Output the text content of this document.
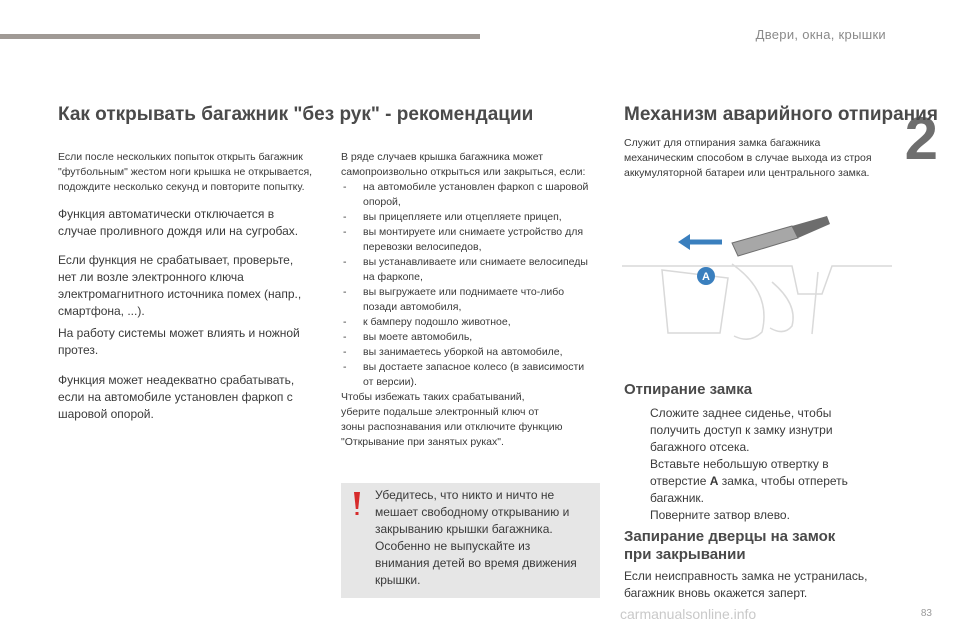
Двери, окна, крышки
2
83
Как открывать багажник "без рук" - рекомендации	Механизм аварийного отпирания
Если после нескольких попыток открыть багажник
"футбольным" жестом ноги крышка не открывается,
подождите несколько секунд и повторите попытку.
Функция автоматически отключается в
случае проливного дождя или на сугробах.
Если функция не срабатывает, проверьте,
нет ли возле электронного ключа
электромагнитного источника помех (напр.,
смартфона, ...).
На работу системы может влиять и ножной
протез.
Функция может неадекватно срабатывать,
если на автомобиле установлен фаркоп с
шаровой опорой.
В ряде случаев крышка багажника может
самопроизвольно открыться или закрыться, если:
- на автомобиле установлен фаркоп с шаровой
опорой,
- вы прицепляете или отцепляете прицеп,
- вы монтируете или снимаете устройство для
перевозки велосипедов,
- вы устанавливаете или снимаете велосипеды
на фаркопе,
- вы выгружаете или поднимаете что-либо
позади автомобиля,
- к бамперу подошло животное,
- вы моете автомобиль,
- вы занимаетесь уборкой на автомобиле,
- вы достаете запасное колесо (в зависимости
от версии).
Чтобы избежать таких срабатываний,
уберите подальше электронный ключ от
зоны распознавания или отключите функцию
"Открывание при занятых руках".
Убедитесь, что никто и ничто не
мешает свободному открыванию и
закрыванию крышки багажника.
Особенно не выпускайте из
внимания детей во время движения
крышки.
Служит для отпирания замка багажника
механическим способом в случае выхода из строя
аккумуляторной батареи или центрального замка.
A
Отпирание замка
Сложите заднее сиденье, чтобы
получить доступ к замку изнутри
багажного отсека.
Вставьте небольшую отвертку в
отверстие A замка, чтобы отпереть
багажник.
Поверните затвор влево.
Запирание дверцы на замок
при закрывании
Если неисправность замка не устранилась,
багажник вновь окажется заперт.
carmanualsonline.info
